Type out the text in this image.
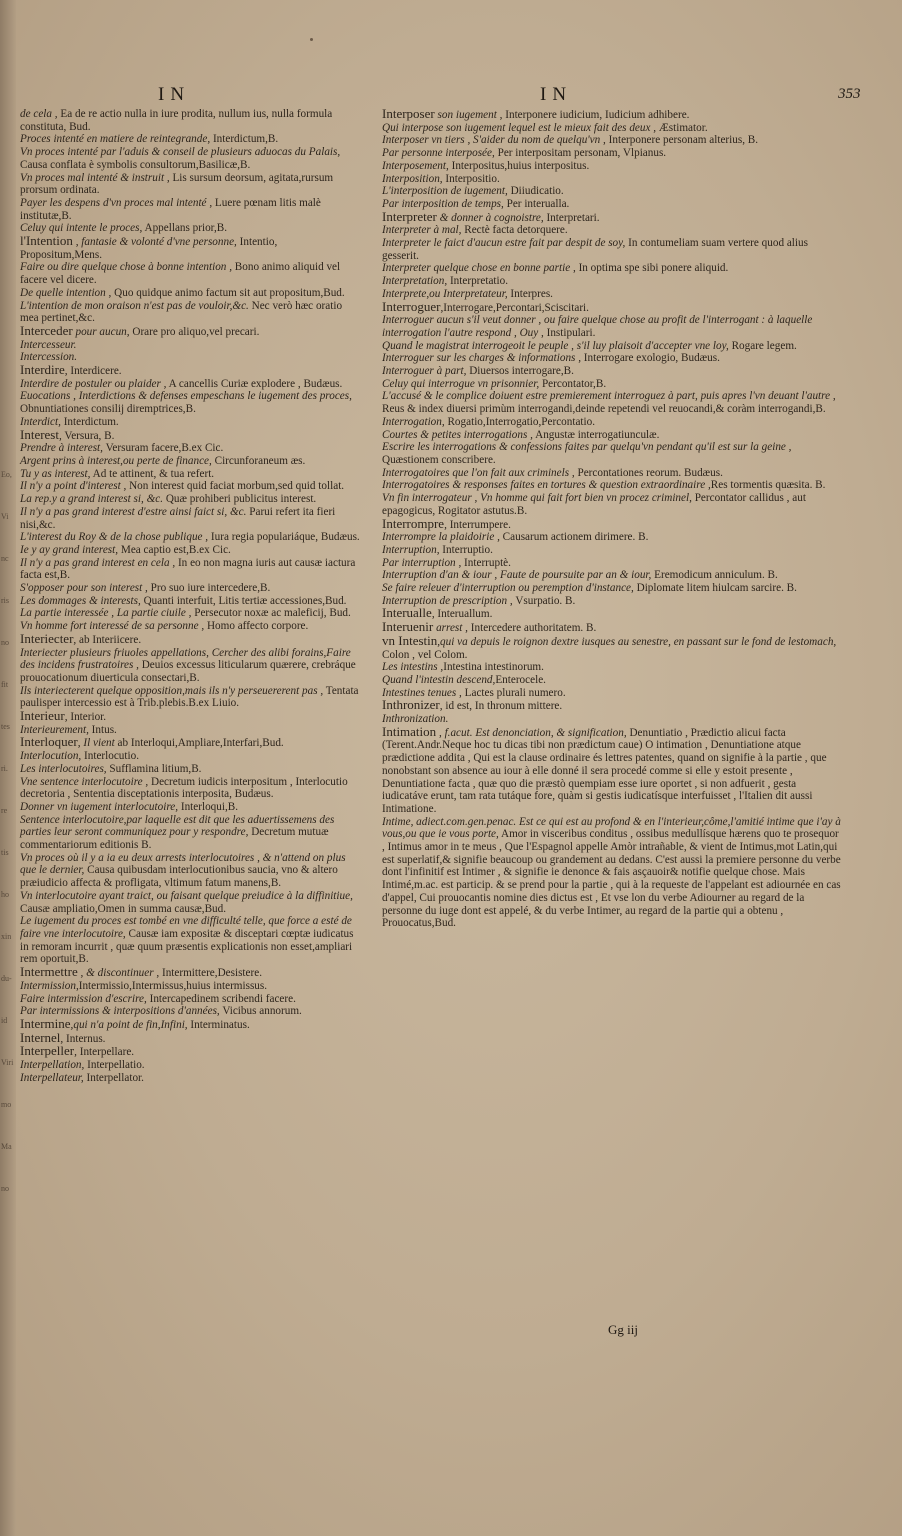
Eo,
Vi
nc
ris
no
fit
tes
ri.
re
tis
ho
xin
du-
id
Viri
mo
Ma
no
IN	IN	353

de cela , Ea de re actio nulla in iure prodita, nullum ius, nulla formula constituta, Bud.

Proces intenté en matiere de reintegrande, Interdictum,B.

Vn proces intenté par l'aduis & conseil de plusieurs aduocas du Palais, Causa conflata è symbolis consultorum,Basilicæ,B.

Vn proces mal intenté & instruit , Lis sursum deorsum, agitata,rursum prorsum ordinata.

Payer les despens d'vn proces mal intenté , Luere pœnam litis malè institutæ,B.

Celuy qui intente le proces, Appellans prior,B.

l'Intention , fantasie & volonté d'vne personne, Intentio, Propositum,Mens.

Faire ou dire quelque chose à bonne intention , Bono animo aliquid vel facere vel dicere.

De quelle intention , Quo quidque animo factum sit aut propositum,Bud.

L'intention de mon oraison n'est pas de vouloir,&c. Nec verò hæc oratio mea pertinet,&c.

Interceder pour aucun, Orare pro aliquo,vel precari.

Intercesseur.

Intercession.

Interdire, Interdicere.

Interdire de postuler ou plaider , A cancellis Curiæ explodere , Budæus.

Euocations , Interdictions & defenses empeschans le iugement des proces, Obnuntiationes consilij diremptrices,B.

Interdict, Interdictum.

Interest, Versura, B.

Prendre à interest, Versuram facere,B.ex Cic.

Argent prins à interest,ou perte de finance, Circunforaneum æs.

Tu y as interest, Ad te attinent, & tua refert.

Il n'y a point d'interest , Non interest quid faciat morbum,sed quid tollat.

La rep.y a grand interest si, &c. Quæ prohiberi publicitus interest.

Il n'y a pas grand interest d'estre ainsi faict si, &c. Parui refert ita fieri nisi,&c.

L'interest du Roy & de la chose publique , Iura regia populariáque, Budæus.

Ie y ay grand interest, Mea captio est,B.ex Cic.

Il n'y a pas grand interest en cela , In eo non magna iuris aut causæ iactura facta est,B.

S'opposer pour son interest , Pro suo iure intercedere,B.

Les dommages & interests, Quanti interfuit, Litis tertiæ accessiones,Bud.

La partie interessée , La partie ciuile , Persecutor noxæ ac maleficij, Bud.

Vn homme fort interessé de sa personne , Homo affecto corpore.

Interiecter, ab Interiicere.

Interiecter plusieurs friuoles appellations, Cercher des alibi forains,Faire des incidens frustratoires , Deuios excessus liticularum quærere, crebráque prouocationum diuerticula consectari,B.

Ils interiecterent quelque opposition,mais ils n'y perseuererent pas , Tentata paulisper intercessio est à Trib.plebis.B.ex Liuio.

Interieur, Interior.

Interieurement, Intus.

Interloquer, Il vient ab Interloqui,Ampliare,Interfari,Bud.

Interlocution, Interlocutio.

Les interlocutoires, Sufflamina litium,B.

Vne sentence interlocutoire , Decretum iudicis interpositum , Interlocutio decretoria , Sententia disceptationis interposita, Budæus.

Donner vn iugement interlocutoire, Interloqui,B.

Sentence interlocutoire,par laquelle est dit que les aduertissemens des parties leur seront communiquez pour y respondre, Decretum mutuæ commentariorum editionis B.

Vn proces où il y a ia eu deux arrests interlocutoires , & n'attend on plus que le dernier, Causa quibusdam interlocutionibus saucia, vno & altero præiudicio affecta & profligata, vltimum fatum manens,B.

Vn interlocutoire ayant traict, ou faisant quelque preiudice à la diffinitiue, Causæ ampliatio,Omen in summa causæ,Bud.

Le iugement du proces est tombé en vne difficulté telle, que force a esté de faire vne interlocutoire, Causæ iam expositæ & disceptari cœptæ iudicatus in remoram incurrit , quæ quum præsentis explicationis non esset,ampliari rem oportuit,B.

Intermettre , & discontinuer , Intermittere,Desistere.

Intermission,Intermissio,Intermissus,huius intermissus.

Faire intermission d'escrire, Intercapedinem scribendi facere.

Par intermissions & interpositions d'années, Vicibus annorum.

Intermine,qui n'a point de fin,Infini, Interminatus.

Internel, Internus.

Interpeller, Interpellare.

Interpellation, Interpellatio.

Interpellateur, Interpellator.

Interposer son iugement , Interponere iudicium, Iudicium adhibere.

Qui interpose son iugement lequel est le mieux fait des deux , Æstimator.

Interposer vn tiers , S'aider du nom de quelqu'vn , Interponere personam alterius, B.

Par personne interposée, Per interpositam personam, Vlpianus.

Interposement, Interpositus,huius interpositus.

Interposition, Interpositio.

L'interposition de iugement, Diiudicatio.

Par interposition de temps, Per interualla.

Interpreter & donner à cognoistre, Interpretari.

Interpreter à mal, Rectè facta detorquere.

Interpreter le faict d'aucun estre fait par despit de soy, In contumeliam suam vertere quod alius gesserit.

Interpreter quelque chose en bonne partie , In optima spe sibi ponere aliquid.

Interpretation, Interpretatio.

Interprete,ou Interpretateur, Interpres.

Interroguer,Interrogare,Percontari,Sciscitari.

Interroguer aucun s'il veut donner , ou faire quelque chose au profit de l'interrogant : à laquelle interrogation l'autre respond , Ouy , Instipulari.

Quand le magistrat interrogeoit le peuple , s'il luy plaisoit d'accepter vne loy, Rogare legem.

Interroguer sur les charges & informations , Interrogare exologio, Budæus.

Interroguer à part, Diuersos interrogare,B.

Celuy qui interrogue vn prisonnier, Percontator,B.

L'accusé & le complice doiuent estre premierement interroguez à part, puis apres l'vn deuant l'autre , Reus & index diuersi primùm interrogandi,deinde repetendi vel reuocandi,& coràm interrogandi,B.

Interrogation, Rogatio,Interrogatio,Percontatio.

Courtes & petites interrogations , Angustæ interrogatiunculæ.

Escrire les interrogations & confessions faites par quelqu'vn pendant qu'il est sur la geine , Quæstionem conscribere.

Interrogatoires que l'on fait aux criminels , Percontationes reorum. Budæus.

Interrogatoires & responses faites en tortures & question extraordinaire ,Res tormentis quæsita. B.

Vn fin interrogateur , Vn homme qui fait fort bien vn procez criminel, Percontator callidus , aut epagogicus, Rogitator astutus.B.

Interrompre, Interrumpere.

Interrompre la plaidoirie , Causarum actionem dirimere. B.

Interruption, Interruptio.

Par interruption , Interruptè.

Interruption d'an & iour , Faute de poursuite par an & iour, Eremodicum anniculum. B.

Se faire releuer d'interruption ou peremption d'instance, Diplomate litem hiulcam sarcire. B.

Interruption de prescription , Vsurpatio. B.

Interualle, Interuallum.

Interuenir arrest , Intercedere authoritatem. B.

vn Intestin,qui va depuis le roignon dextre iusques au senestre, en passant sur le fond de lestomach, Colon , vel Colom.

Les intestins ,Intestina intestinorum.

Quand l'intestin descend,Enterocele.

Intestines tenues , Lactes plurali numero.

Inthronizer, id est, In thronum mittere.

Inthronization.

Intimation , f.acut. Est denonciation, & signification, Denuntiatio , Prædictio alicui facta (Terent.Andr.Neque hoc tu dicas tibi non prædictum caue) O intimation , Denuntiatione atque prædictione addita , Qui est la clause ordinaire és lettres patentes, quand on signifie à la partie , que nonobstant son absence au iour à elle donné il sera procedé comme si elle y estoit presente , Denuntiatione facta , quæ quo die præstò quempiam esse iure oportet , si non adfuerit , gesta iudicatáve erunt, tam rata tutáque fore, quàm si gestis iudicatísque interfuisset , l'Italien dit aussi Intimatione.

Intime, adiect.com.gen.penac. Est ce qui est au profond & en l'interieur,côme,l'amitié intime que i'ay à vous,ou que ie vous porte, Amor in visceribus conditus , ossibus medullísque hærens quo te prosequor , Intimus amor in te meus , Que l'Espagnol appelle Amòr intrañable, & vient de Intimus,mot Latin,qui est superlatif,& signifie beaucoup ou grandement au dedans. C'est aussi la premiere personne du verbe dont l'infinitif est Intimer , & signifie ie denonce & fais asçauoir& notifie quelque chose. Mais Intimé,m.ac. est particip. & se prend pour la partie , qui à la requeste de l'appelant est adiournée en cas d'appel, Cui prouocantis nomine dies dictus est , Et vse lon du verbe Adiourner au regard de la personne du iuge dont est appelé, & du verbe Intimer, au regard de la partie qui a obtenu , Prouocatus,Bud.

Gg iij
